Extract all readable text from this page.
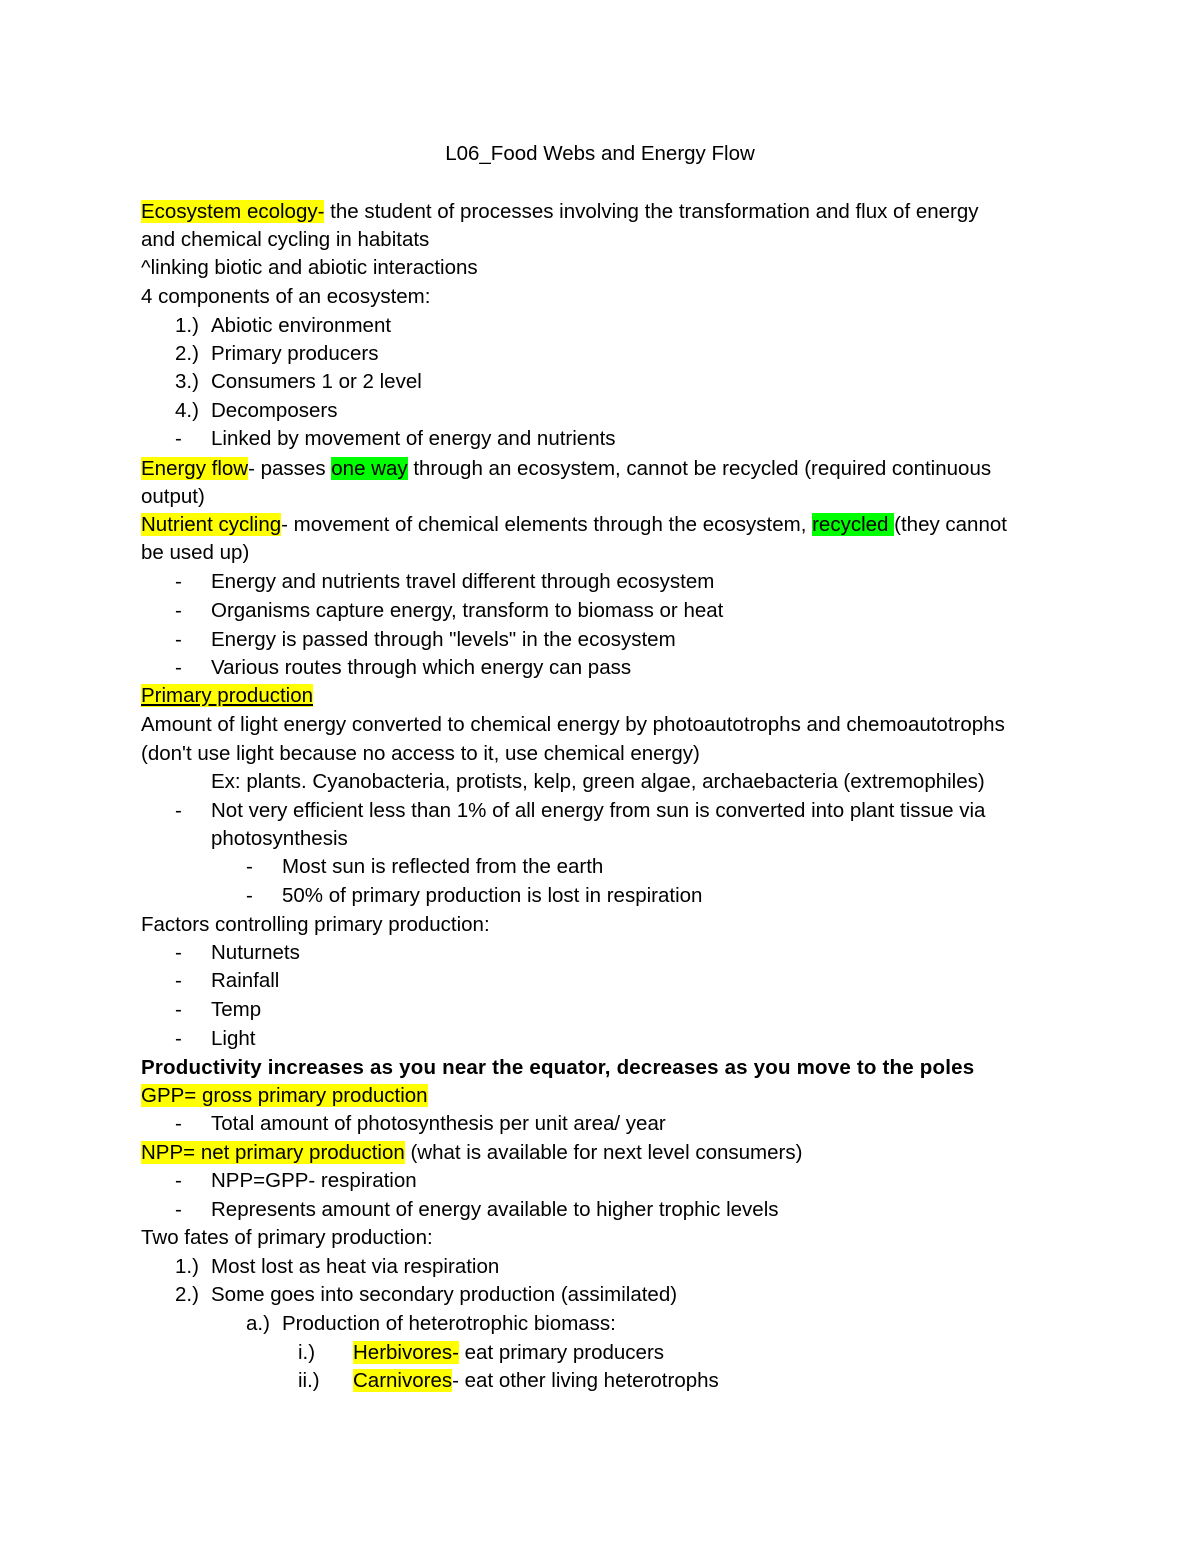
L06_Food Webs and Energy Flow
Ecosystem ecology- the student of processes involving the transformation and flux of energy
and chemical cycling in habitats
^linking biotic and abiotic interactions
4 components of an ecosystem:
1.) Abiotic environment
2.) Primary producers
3.) Consumers 1 or 2 level
4.) Decomposers
- Linked by movement of energy and nutrients
Energy flow- passes one way through an ecosystem, cannot be recycled (required continuous
output)
Nutrient cycling- movement of chemical elements through the ecosystem, recycled (they cannot
be used up)
- Energy and nutrients travel different through ecosystem
- Organisms capture energy, transform to biomass or heat
- Energy is passed through "levels" in the ecosystem
- Various routes through which energy can pass
Primary production
Amount of light energy converted to chemical energy by photoautotrophs and chemoautotrophs
(don't use light because no access to it, use chemical energy)
Ex: plants. Cyanobacteria, protists, kelp, green algae, archaebacteria (extremophiles)
- Not very efficient less than 1% of all energy from sun is converted into plant tissue via
photosynthesis
- Most sun is reflected from the earth
- 50% of primary production is lost in respiration
Factors controlling primary production:
- Nuturnets
- Rainfall
- Temp
- Light
Productivity increases as you near the equator, decreases as you move to the poles
GPP= gross primary production
- Total amount of photosynthesis per unit area/ year
NPP= net primary production (what is available for next level consumers)
- NPP=GPP- respiration
- Represents amount of energy available to higher trophic levels
Two fates of primary production:
1.) Most lost as heat via respiration
2.) Some goes into secondary production (assimilated)
a.) Production of heterotrophic biomass:
i.) Herbivores- eat primary producers
ii.) Carnivores- eat other living heterotrophs
